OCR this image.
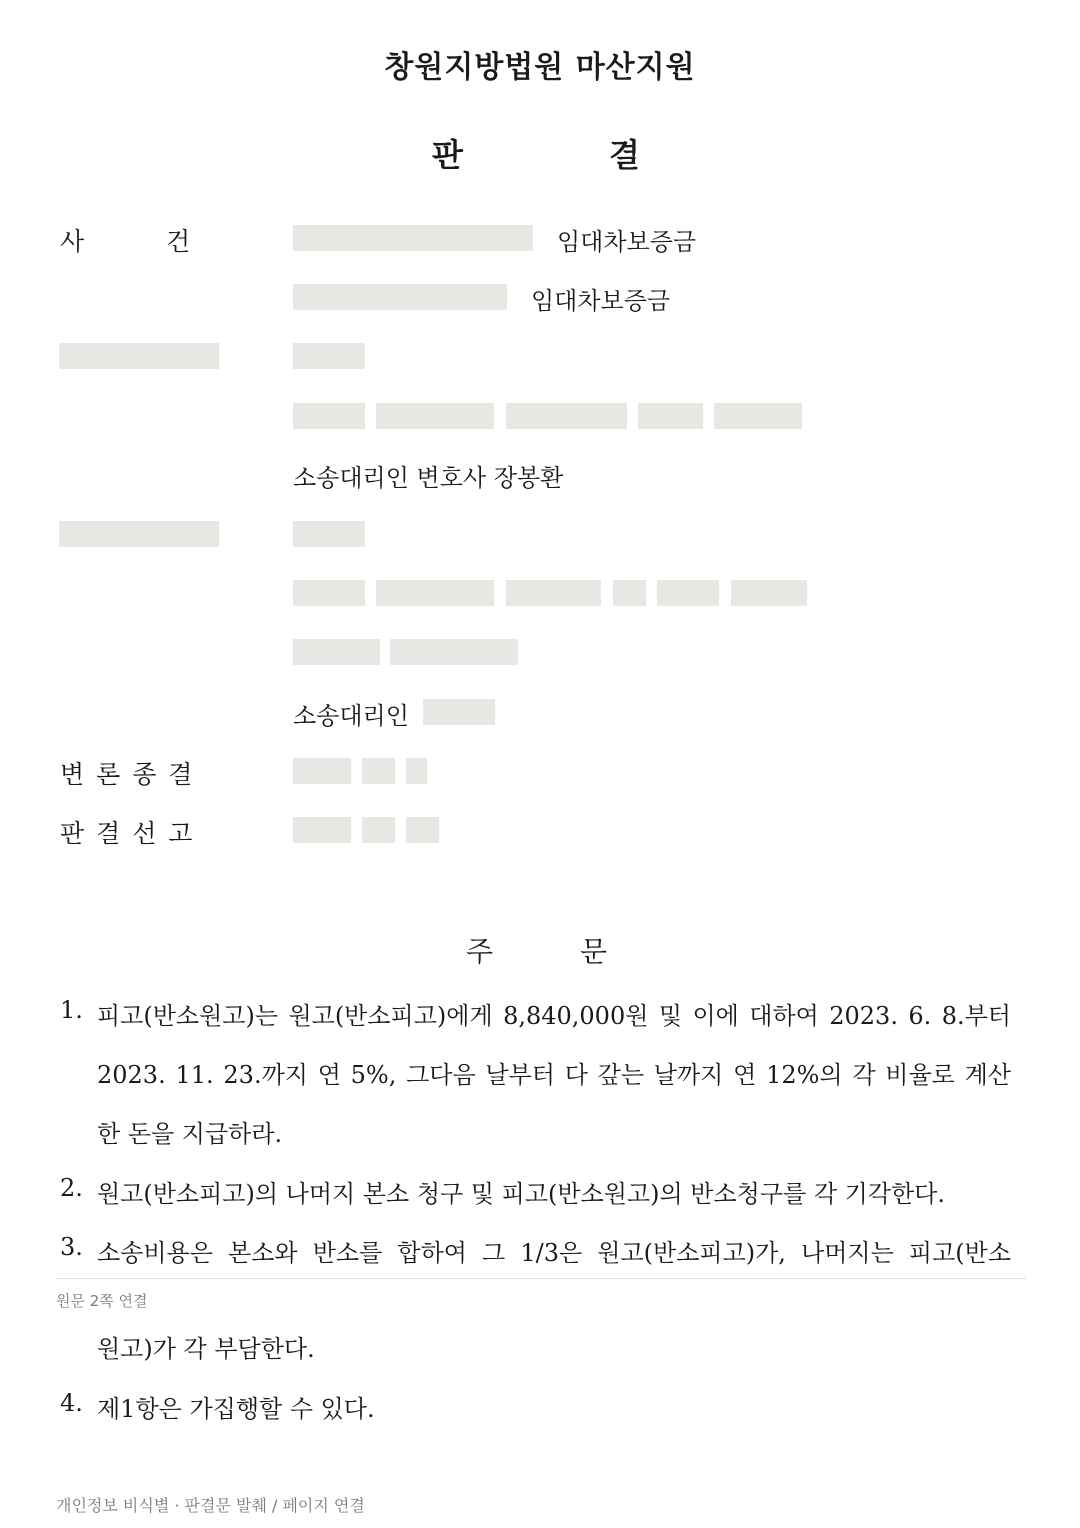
창원지방법원 마산지원
판	결
사	건	임대차보증금
임대차보증금
소송대리인 변호사 장봉환
소송대리인
변 론 종 결
판 결 선 고
주	문
1. 피고(반소원고)는 원고(반소피고)에게 8,840,000원 및 이에 대하여 2023. 6. 8.부터
2023. 11. 23.까지 연 5%, 그다음 날부터 다 갚는 날까지 연 12%의 각 비율로 계산
한 돈을 지급하라.
2. 원고(반소피고)의 나머지 본소 청구 및 피고(반소원고)의 반소청구를 각 기각한다.
3. 소송비용은 본소와 반소를 합하여 그 1/3은 원고(반소피고)가, 나머지는 피고(반소
원문 2쪽 연결
원고)가 각 부담한다.
4. 제1항은 가집행할 수 있다.
개인정보 비식별 · 판결문 발췌 / 페이지 연결
